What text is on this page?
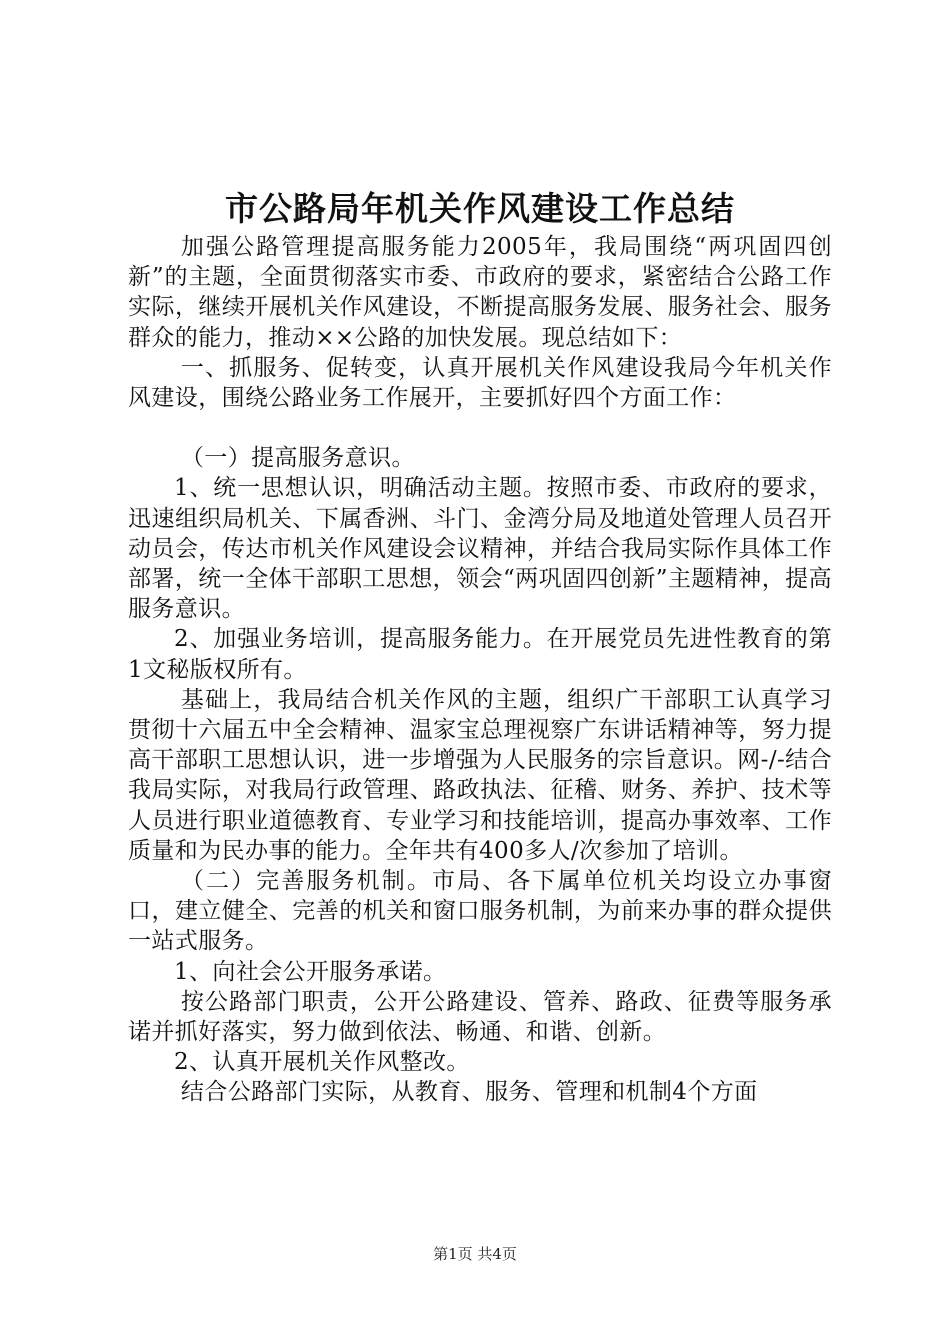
市公路局年机关作风建设工作总结

加强公路管理提高服务能力2005年，我局围绕“两巩固四创新”的主题，全面贯彻落实市委、市政府的要求，紧密结合公路工作实际，继续开展机关作风建设，不断提高服务发展、服务社会、服务群众的能力，推动××公路的加快发展。现总结如下：

一、抓服务、促转变，认真开展机关作风建设我局今年机关作风建设，围绕公路业务工作展开，主要抓好四个方面工作：

（一）提高服务意识。

1、统一思想认识，明确活动主题。按照市委、市政府的要求，迅速组织局机关、下属香洲、斗门、金湾分局及地道处管理人员召开动员会，传达市机关作风建设会议精神，并结合我局实际作具体工作部署，统一全体干部职工思想，领会“两巩固四创新”主题精神，提高服务意识。

2、加强业务培训，提高服务能力。在开展党员先进性教育的第1文秘版权所有。

基础上，我局结合机关作风的主题，组织广干部职工认真学习贯彻十六届五中全会精神、温家宝总理视察广东讲话精神等，努力提高干部职工思想认识，进一步增强为人民服务的宗旨意识。网-/-结合我局实际，对我局行政管理、路政执法、征稽、财务、养护、技术等人员进行职业道德教育、专业学习和技能培训，提高办事效率、工作质量和为民办事的能力。全年共有400多人/次参加了培训。

（二）完善服务机制。市局、各下属单位机关均设立办事窗口，建立健全、完善的机关和窗口服务机制，为前来办事的群众提供一站式服务。

1、向社会公开服务承诺。

按公路部门职责，公开公路建设、管养、路政、征费等服务承诺并抓好落实，努力做到依法、畅通、和谐、创新。

2、认真开展机关作风整改。

结合公路部门实际，从教育、服务、管理和机制4个方面

第1页 共4页
